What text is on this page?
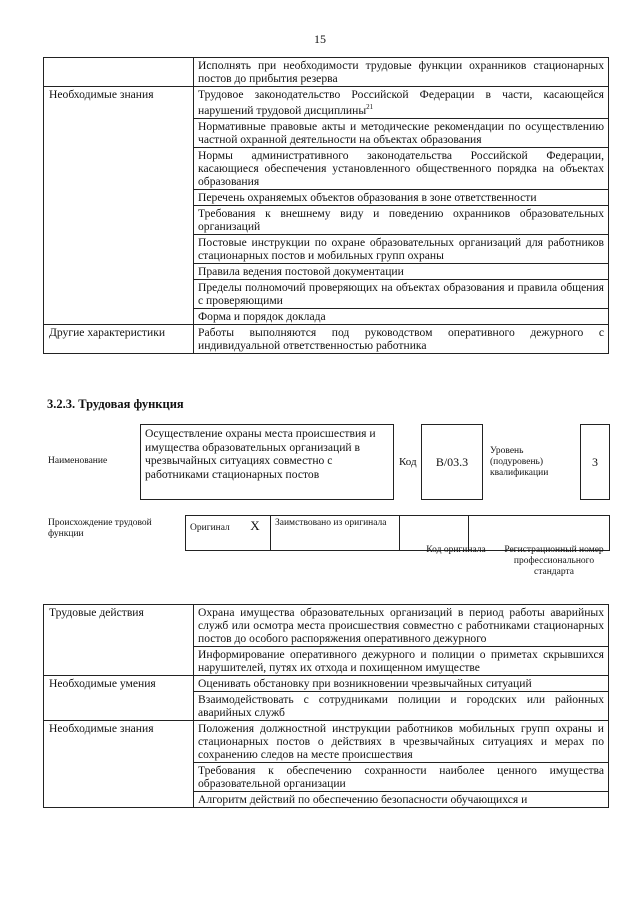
15
	Исполнять при необходимости трудовые функции охранников стационарных постов до прибытия резерва
Необходимые знания	Трудовое законодательство Российской Федерации в части, касающейся нарушений трудовой дисциплины$^{21}$
	Нормативные правовые акты и методические рекомендации по осуществлению частной охранной деятельности на объектах образования
	Нормы административного законодательства Российской Федерации, касающиеся обеспечения установленного общественного порядка на объектах образования
	Перечень охраняемых объектов образования в зоне ответственности
	Требования к внешнему виду и поведению охранников образовательных организаций
	Постовые инструкции по охране образовательных организаций для работников стационарных постов и мобильных групп охраны
	Правила ведения постовой документации
	Пределы полномочий проверяющих на объектах образования и правила общения с проверяющими
	Форма и порядок доклада
Другие характеристики	Работы выполняются под руководством оперативного дежурного с индивидуальной ответственностью работника
3.2.3. Трудовая функция
Наименование
Осуществление охраны места происшествия и имущества образовательных организаций в чрезвычайных ситуациях совместно с работниками стационарных постов
Код	B/03.3
Уровень (подуровень) квалификации
3
Происхождение трудовой функции
Оригинал	X	Заимствовано из оригинала		
Код оригинала	Регистрационный номер профессионального стандарта
Трудовые действия	Охрана имущества образовательных организаций в период работы аварийных служб или осмотра места происшествия совместно с работниками стационарных постов до особого распоряжения оперативного дежурного
	Информирование оперативного дежурного и полиции о приметах скрывшихся нарушителей, путях их отхода и похищенном имуществе
Необходимые умения	Оценивать обстановку при возникновении чрезвычайных ситуаций
	Взаимодействовать с сотрудниками полиции и городских или районных аварийных служб
Необходимые знания	Положения должностной инструкции работников мобильных групп охраны и стационарных постов о действиях в чрезвычайных ситуациях и мерах по сохранению следов на месте происшествия
	Требования к обеспечению сохранности наиболее ценного имущества образовательной организации
	Алгоритм действий по обеспечению безопасности обучающихся и
